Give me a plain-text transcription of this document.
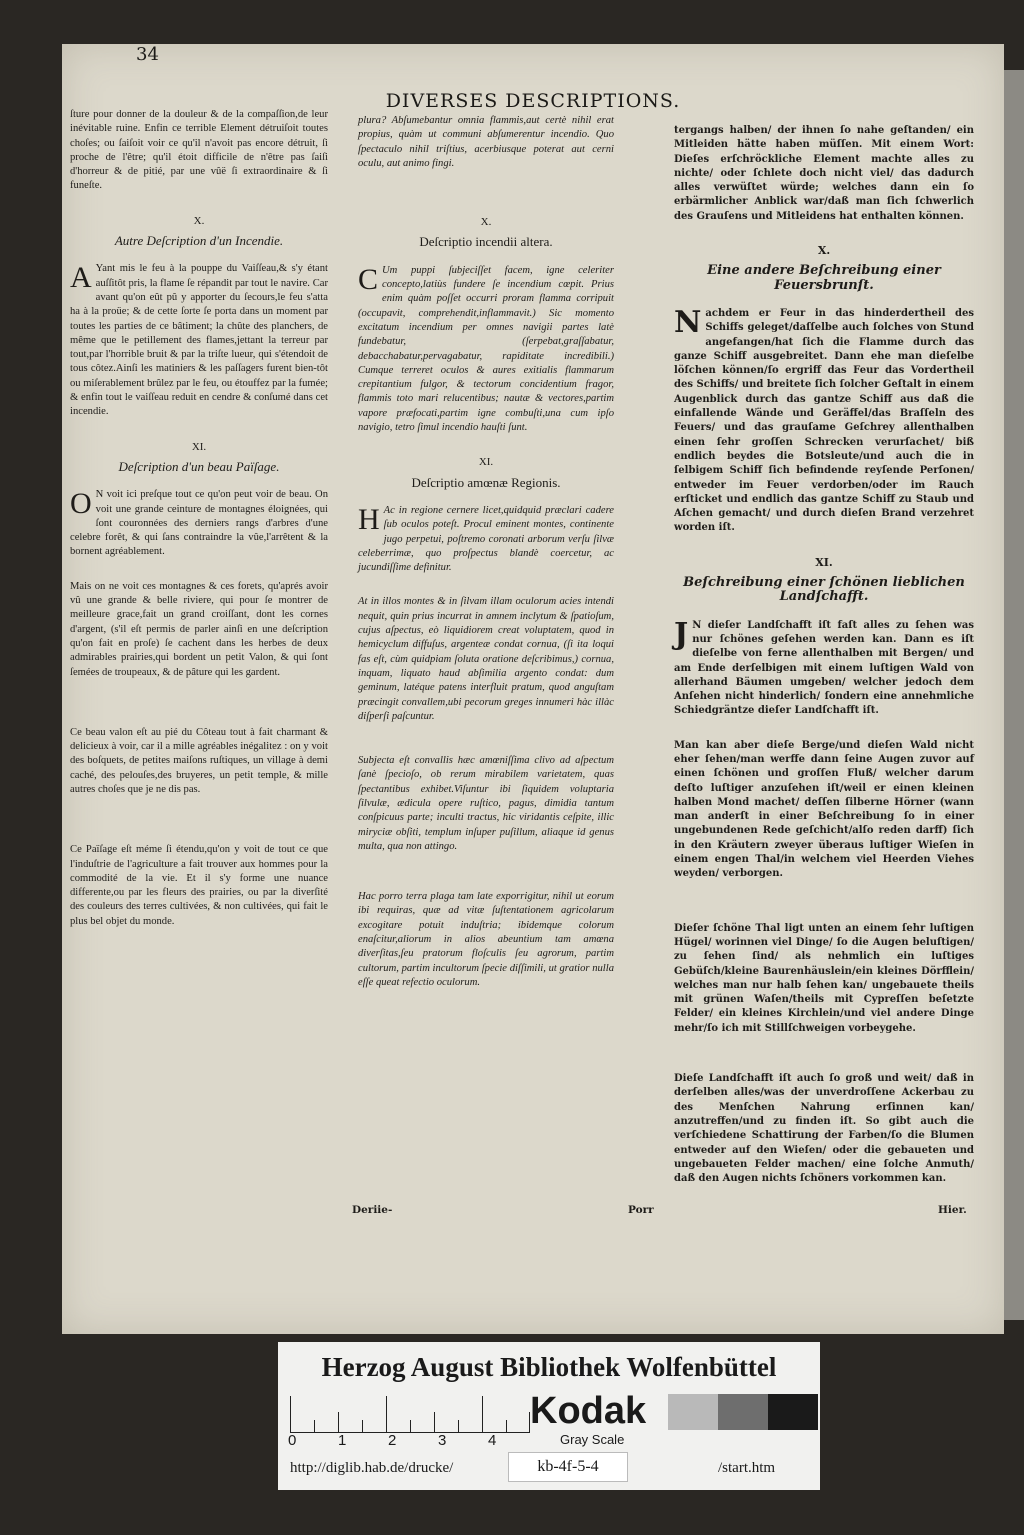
34
DIVERSES DESCRIPTIONS.

ſture pour donner de la douleur & de la compaſſion,de leur inévitable ruine. Enfin ce terrible Element détruiſoit toutes choſes; ou ſaiſoit voir ce qu'il n'avoit pas encore détruit, ſi proche de l'être; qu'il étoit difficile de n'être pas ſaiſi d'horreur & de pitié, par une vûë ſi extraordinaire & ſi funeſte.

X.
Autre Deſcription d'un Incendie.

A Yant mis le feu à la pouppe du Vaiſſeau,& s'y étant auſſitôt pris, la flame ſe répandit par tout le navire. Car avant qu'on eût pû y apporter du ſecours,le feu s'atta ha à la proüe; & de cette ſorte ſe porta dans un moment par toutes les parties de ce bâtiment; la chûte des planchers, de même que le petillement des flames,jettant la terreur par tout,par l'horrible bruit & par la triſte lueur, qui s'étendoit de tous côtez.Ainſi les matiniers & les paſſagers furent bien-tôt ou miſerablement brûlez par le feu, ou étouffez par la fumée; & enfin tout le vaiſſeau reduit en cendre & conſumé dans cet incendie.

XI.
Deſcription d'un beau Païſage.

O N voit ici preſque tout ce qu'on peut voir de beau. On voit une grande ceinture de montagnes éloignées, qui ſont couronnées des derniers rangs d'arbres d'une celebre forêt, & qui ſans contraindre la vûe,l'arrêtent & la bornent agréablement.

Mais on ne voit ces montagnes & ces forets, qu'aprés avoir vû une grande & belle riviere, qui pour ſe montrer de meilleure grace,fait un grand croiſſant, dont les cornes d'argent, (s'il eſt permis de parler ainſi en une deſcription qu'on fait en proſe) ſe cachent dans les herbes de deux admirables prairies,qui bordent un petit Valon, & qui ſont ſemées de troupeaux, & de pâture qui les gardent.

Ce beau valon eſt au pié du Côteau tout à fait charmant & delicieux à voir, car il a mille agréables inégalitez : on y voit des boſquets, de petites maiſons ruſtiques, un village à demi caché, des pelouſes,des bruyeres, un petit temple, & mille autres choſes que je ne dis pas.

Ce Païſage eſt méme ſi étendu,qu'on y voit de tout ce que l'induſtrie de l'agriculture a fait trouver aux hommes pour la commodité de la vie. Et il s'y forme une nuance differente,ou par les fleurs des prairies, ou par la diverſité des couleurs des terres cultivées, & non cultivées, qui fait le plus bel objet du monde.

plura? Abſumebantur omnia flammis,aut certè nihil erat propius, quàm ut communi abſumerentur incendio. Quo ſpectaculo nihil triſtius, acerbiusque poterat aut cerni oculu, aut animo fingi.

X.
Deſcriptio incendii altera.

C Um puppi ſubjeciſſet facem, igne celeriter concepto,latiùs fundere ſe incendium cœpit. Prius enim quàm poſſet occurri proram flamma corripuit (occupavit, comprehendit,inflammavit.) Sic momento excitatum incendium per omnes navigii partes latè fundebatur, (ſerpebat,graſſabatur, debacchabatur,pervagabatur, rapiditate incredibili.) Cumque terreret oculos & aures exitialis flammarum crepitantium fulgor, & tectorum concidentium fragor, flammis toto mari relucentibus; nautæ & vectores,partim vapore præfocati,partim igne combuſti,una cum ipſo navigio, tetro ſimul incendio hauſti ſunt.

XI.
Deſcriptio amœnæ Regionis.

H Ac in regione cernere licet,quidquid præclari cadere ſub oculos poteſt. Procul eminent montes, continente jugo perpetui, poſtremo coronati arborum verſu ſilvæ celeberrimæ, quo proſpectus blandè coercetur, ac jucundiſſime definitur.

At in illos montes & in ſilvam illam oculorum acies intendi nequit, quin prius incurrat in amnem inclytum & ſpatioſum, cujus aſpectus, eò liquidiorem creat voluptatem, quod in hemicyclum diffuſus, argenteæ condat cornua, (ſi ita loqui fas eſt, cùm quidpiam ſoluta oratione deſcribimus,) cornua, inquam, liquato haud abſimilia argento condat: dum geminum, latéque patens interfluit pratum, quod anguſtam præcingit convallem,ubi pecorum greges innumeri hàc illàc diſperſi paſcuntur.

Subjecta eſt convallis hæc amœniſſima clivo ad aſpectum ſanè ſpecioſo, ob rerum mirabilem varietatem, quas ſpectantibus exhibet.Viſuntur ibi ſiquidem voluptaria ſilvulæ, ædicula opere ruſtico, pagus, dimidia tantum conſpicuus parte; inculti tractus, hic viridantis ceſpite, illic miryciæ obſiti, templum inſuper puſillum, aliaque id genus multa, qua non attingo.

Hac porro terra plaga tam late exporrigitur, nihil ut eorum ibi requiras, quæ ad vitæ ſuſtentationem agricolarum excogitare potuit induſtria; ibidemque colorum enaſcitur,aliorum in alios abeuntium tam amœna diverſitas,ſeu pratorum floſculis ſeu agrorum, partim cultorum, partim incultorum ſpecie diſſimili, ut gratior nulla eſſe queat refectio oculorum.

tergangs halben/ der ihnen ſo nahe geſtanden/ ein Mitleiden hätte haben müſſen. Mit einem Wort: Dieſes erſchröckliche Element machte alles zu nichte/ oder ſchlete doch nicht viel/ das dadurch alles verwüſtet würde; welches dann ein ſo erbärmlicher Anblick war/daß man ſich ſchwerlich des Grauſens und Mitleidens hat enthalten können.

X.
Eine andere Beſchreibung einer Feuersbrunſt.

Nachdem er Feur in das hinderdertheil des Schiffs geleget/daſſelbe auch ſolches von Stund angefangen/hat ſich die Flamme durch das ganze Schiff ausgebreitet. Dann ehe man dieſelbe löſchen können/ſo ergriff das Feur das Vordertheil des Schiffs/ und breitete ſich ſolcher Geſtalt in einem Augenblick durch das gantze Schiff aus daß die einfallende Wände und Geräffel/das Braſſeln des Feuers/ und das grauſame Geſchrey allenthalben einen ſehr groſſen Schrecken verurſachet/ biß endlich beydes die Botsleute/und auch die in ſelbigem Schiff ſich befindende reyſende Perſonen/ entweder im Feuer verdorben/oder im Rauch erſticket und endlich das gantze Schiff zu Staub und Aſchen gemacht/ und durch dieſen Brand verzehret worden iſt.

XI.
Beſchreibung einer ſchönen lieblichen Landſchafft.

J N dieſer Landſchafft iſt faſt alles zu ſehen was nur ſchönes geſehen werden kan. Dann es iſt dieſelbe von ferne allenthalben mit Bergen/ und am Ende derſelbigen mit einem luſtigen Wald von allerhand Bäumen umgeben/ welcher jedoch dem Anſehen nicht hinderlich/ ſondern eine annehmliche Schiedgräntze dieſer Landſchafft iſt.

Man kan aber dieſe Berge/und dieſen Wald nicht eher ſehen/man werffe dann ſeine Augen zuvor auf einen ſchönen und groſſen Fluß/ welcher darum deſto luſtiger anzuſehen iſt/weil er einen kleinen halben Mond machet/ deſſen ſilberne Hörner (wann man anderſt in einer Beſchreibung ſo in einer ungebundenen Rede geſchicht/alſo reden darff) ſich in den Kräutern zweyer überaus luſtiger Wieſen in einem engen Thal/in welchem viel Heerden Viehes weyden/ verborgen.

Dieſer ſchöne Thal ligt unten an einem ſehr luſtigen Hügel/ worinnen viel Dinge/ ſo die Augen beluſtigen/ zu ſehen ſind/ als nehmlich ein luſtiges Gebüſch/kleine Baurenhäuslein/ein kleines Dörfflein/ welches man nur halb ſehen kan/ ungebauete theils mit grünen Waſen/theils mit Cypreſſen beſetzte Felder/ ein kleines Kirchlein/und viel andere Dinge mehr/ſo ich mit Stillſchweigen vorbeygehe.

Dieſe Landſchafft iſt auch ſo groß und weit/ daß in derſelben alles/was der unverdroſſene Ackerbau zu des Menſchen Nahrung erſinnen kan/ anzutreffen/und zu finden iſt. So gibt auch die verſchiedene Schattirung der Farben/ſo die Blumen entweder auf den Wieſen/ oder die gebaueten und ungebaueten Felder machen/ eine ſolche Anmuth/ daß den Augen nichts ſchöners vorkommen kan.

Deriie-	Porr	Hier.
Herzog August Bibliothek Wolfenbüttel
0	1	2	3	4
Kodak
Gray Scale
http://diglib.hab.de/drucke/	kb-4f-5-4	/start.htm
